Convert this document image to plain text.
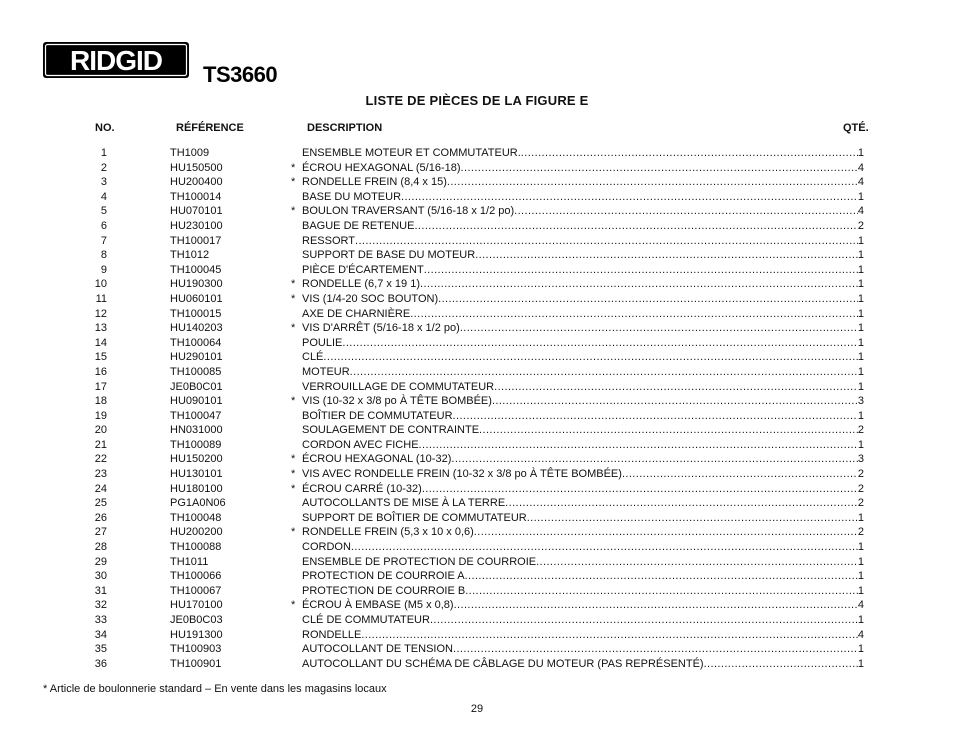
RIDGID TS3660
LISTE DE PIÈCES DE LA FIGURE E
NO.	RÉFÉRENCE	DESCRIPTION	QTÉ.
1	TH1009	ENSEMBLE MOTEUR ET COMMUTATEUR. .....	1
2	HU150500	* ÉCROU HEXAGONAL (5/16-18) .....	4
3	HU200400	* RONDELLE FREIN (8,4 x 15) .....	4
4	TH100014	BASE DU MOTEUR .....	1
5	HU070101	* BOULON TRAVERSANT (5/16-18 x 1/2 po) .....	4
6	HU230100	BAGUE DE RETENUE .....	2
7	TH100017	RESSORT .....	1
8	TH1012	SUPPORT DE BASE DU MOTEUR .....	1
9	TH100045	PIÈCE D'ÉCARTEMENT .....	1
10	HU190300	* RONDELLE (6,7 x 19 1) .....	1
11	HU060101	* VIS (1/4-20 SOC BOUTON) .....	1
12	TH100015	AXE DE CHARNIÈRE .....	1
13	HU140203	* VIS D'ARRÊT (5/16-18 x 1/2 po) .....	1
14	TH100064	POULIE .....	1
15	HU290101	CLÉ .....	1
16	TH100085	MOTEUR .....	1
17	JE0B0C01	VERROUILLAGE DE COMMUTATEUR .....	1
18	HU090101	* VIS (10-32 x 3/8 po À TÊTE BOMBÉE) .....	3
19	TH100047	BOÎTIER DE COMMUTATEUR .....	1
20	HN031000	SOULAGEMENT DE CONTRAINTE .....	2
21	TH100089	CORDON AVEC FICHE .....	1
22	HU150200	* ÉCROU HEXAGONAL (10-32) .....	3
23	HU130101	* VIS AVEC RONDELLE FREIN (10-32 x 3/8 po À TÊTE BOMBÉE) .....	2
24	HU180100	* ÉCROU CARRÉ (10-32) .....	2
25	PG1A0N06	AUTOCOLLANTS DE MISE À LA TERRE .....	2
26	TH100048	SUPPORT DE BOÎTIER DE COMMUTATEUR .....	1
27	HU200200	* RONDELLE FREIN (5,3 x 10 x 0,6) .....	2
28	TH100088	CORDON .....	1
29	TH1011	ENSEMBLE DE PROTECTION DE COURROIE .....	1
30	TH100066	PROTECTION DE COURROIE A .....	1
31	TH100067	PROTECTION DE COURROIE B .....	1
32	HU170100	* ÉCROU À EMBASE (M5 x 0,8) .....	4
33	JE0B0C03	CLÉ DE COMMUTATEUR .....	1
34	HU191300	RONDELLE .....	4
35	TH100903	AUTOCOLLANT DE TENSION .....	1
36	TH100901	AUTOCOLLANT DU SCHÉMA DE CÂBLAGE DU MOTEUR (PAS REPRÉSENTÉ) .....	1
* Article de boulonnerie standard – En vente dans les magasins locaux
29
